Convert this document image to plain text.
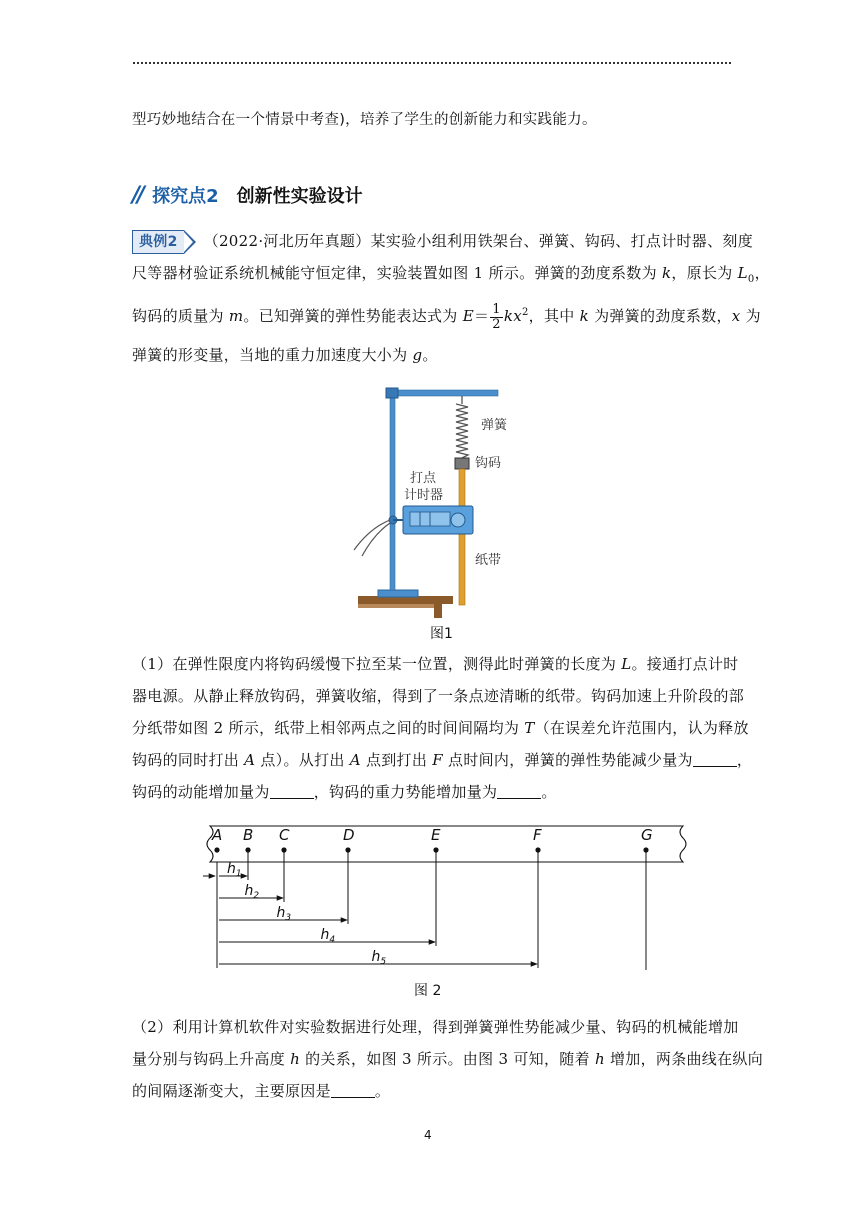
型巧妙地结合在一个情景中考查)，培养了学生的创新能力和实践能力。
// 探究点2 创新性实验设计
典例2 （2022·河北历年真题）某实验小组利用铁架台、弹簧、钩码、打点计时器、刻度
尺等器材验证系统机械能守恒定律，实验装置如图 1 所示。弹簧的劲度系数为 k，原长为 $L_0$，
钩码的质量为 m。已知弹簧的弹性势能表达式为 $E= \frac{1}{2} kx^2$，其中 k 为弹簧的劲度系数，x 为
弹簧的形变量，当地的重力加速度大小为 g。
弹簧
钩码
打点
计时器
纸带
图1
（1）在弹性限度内将钩码缓慢下拉至某一位置，测得此时弹簧的长度为 L。接通打点计时
器电源。从静止释放钩码，弹簧收缩，得到了一条点迹清晰的纸带。钩码加速上升阶段的部
分纸带如图 2 所示，纸带上相邻两点之间的时间间隔均为 T（在误差允许范围内，认为释放
钩码的同时打出 A 点）。从打出 A 点到打出 F 点时间内，弹簧的弹性势能减少量为	，
钩码的动能增加量为	，钩码的重力势能增加量为	。
A B C	D	E	F	G
$h_1$
$h_2$
$h_3$
$h_4$
$h_5$
图 2
（2）利用计算机软件对实验数据进行处理，得到弹簧弹性势能减少量、钩码的机械能增加
量分别与钩码上升高度 h 的关系，如图 3 所示。由图 3 可知，随着 h 增加，两条曲线在纵向
的间隔逐渐变大，主要原因是	。
4
